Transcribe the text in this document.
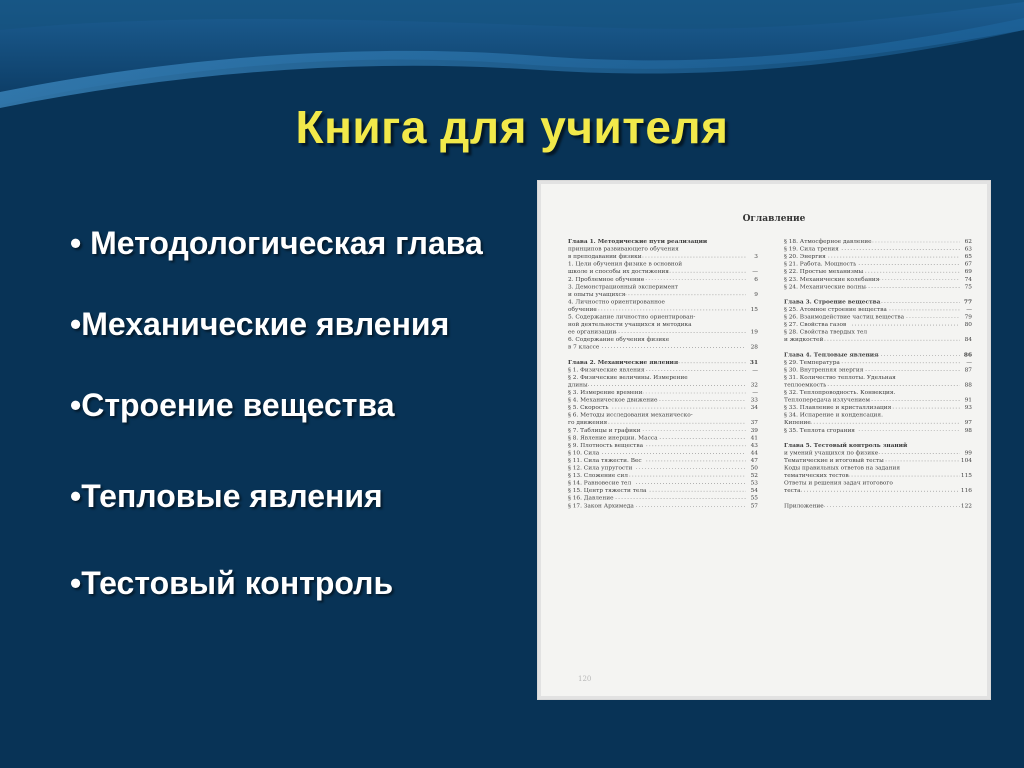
Книга для учителя
• Методологическая глава
•Механические явления
•Строение вещества
•Тепловые явления
•Тестовый контроль
Оглавление
Глава 1. Методические пути реализации
принципов развивающего обучения
в преподавании физики	3
1. Цели обучения физике в основной
школе и способы их достижения	—
2. Проблемное обучение	6
3. Демонстрационный эксперимент
и опыты учащихся	9
4. Личностно ориентированное
обучение	15
5. Содержание личностно ориентирован-
ной деятельности учащихся и методика
ее организации	19
6. Содержание обучения физике
в 7 классе	28
Глава 2. Механические явления	31
§ 1. Физические явления	—
§ 2. Физические величины. Измерение
длины	32
§ 3. Измерение времени	—
§ 4. Механическое движение	33
§ 5. Скорость	34
§ 6. Методы исследования механическо-
го движения	37
§ 7. Таблицы и графики	39
§ 8. Явление инерции. Масса	41
§ 9. Плотность вещества	43
§ 10. Сила	44
§ 11. Сила тяжести. Вес	47
§ 12. Сила упругости	50
§ 13. Сложение сил	52
§ 14. Равновесие тел	53
§ 15. Центр тяжести тела	54
§ 16. Давление	55
§ 17. Закон Архимеда	57
§ 18. Атмосферное давление	62
§ 19. Сила трения	63
§ 20. Энергия	65
§ 21. Работа. Мощность	67
§ 22. Простые механизмы	69
§ 23. Механические колебания	74
§ 24. Механические волны	75
Глава 3. Строение вещества	77
§ 25. Атомное строение вещества	—
§ 26. Взаимодействие частиц вещества	79
§ 27. Свойства газов	80
§ 28. Свойства твердых тел
и жидкостей	84
Глава 4. Тепловые явления	86
§ 29. Температура	—
§ 30. Внутренняя энергия	87
§ 31. Количество теплоты. Удельная
теплоемкость	88
§ 32. Теплопроводность. Конвекция.
Теплопередача излучением	91
§ 33. Плавление и кристаллизация	93
§ 34. Испарение и конденсация.
Кипение	97
§ 35. Теплота сгорания	98
Глава 5. Тестовый контроль знаний
и умений учащихся по физике	99
Тематические и итоговый тесты	104
Коды правильных ответов на задания
тематических тестов	115
Ответы и решения задач итогового
теста	116
Приложение	122
120
